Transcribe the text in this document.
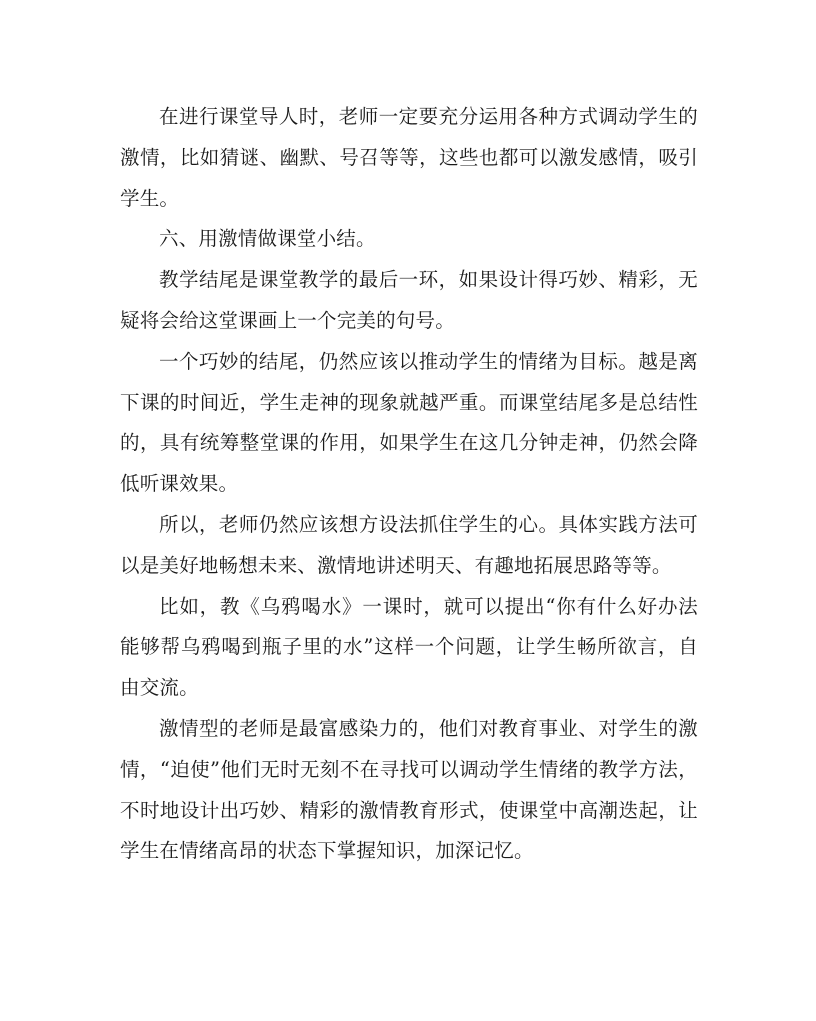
在进行课堂导人时，老师一定要充分运用各种方式调动学生的激情，比如猜谜、幽默、号召等等，这些也都可以激发感情，吸引学生。

六、用激情做课堂小结。

教学结尾是课堂教学的最后一环，如果设计得巧妙、精彩，无疑将会给这堂课画上一个完美的句号。

一个巧妙的结尾，仍然应该以推动学生的情绪为目标。越是离下课的时间近，学生走神的现象就越严重。而课堂结尾多是总结性的，具有统筹整堂课的作用，如果学生在这几分钟走神，仍然会降低听课效果。

所以，老师仍然应该想方设法抓住学生的心。具体实践方法可以是美好地畅想未来、激情地讲述明天、有趣地拓展思路等等。

比如，教《乌鸦喝水》一课时，就可以提出“你有什么好办法能够帮乌鸦喝到瓶子里的水”这样一个问题，让学生畅所欲言，自由交流。

激情型的老师是最富感染力的，他们对教育事业、对学生的激情，“迫使”他们无时无刻不在寻找可以调动学生情绪的教学方法，不时地设计出巧妙、精彩的激情教育形式，使课堂中高潮迭起，让学生在情绪高昂的状态下掌握知识，加深记忆。
